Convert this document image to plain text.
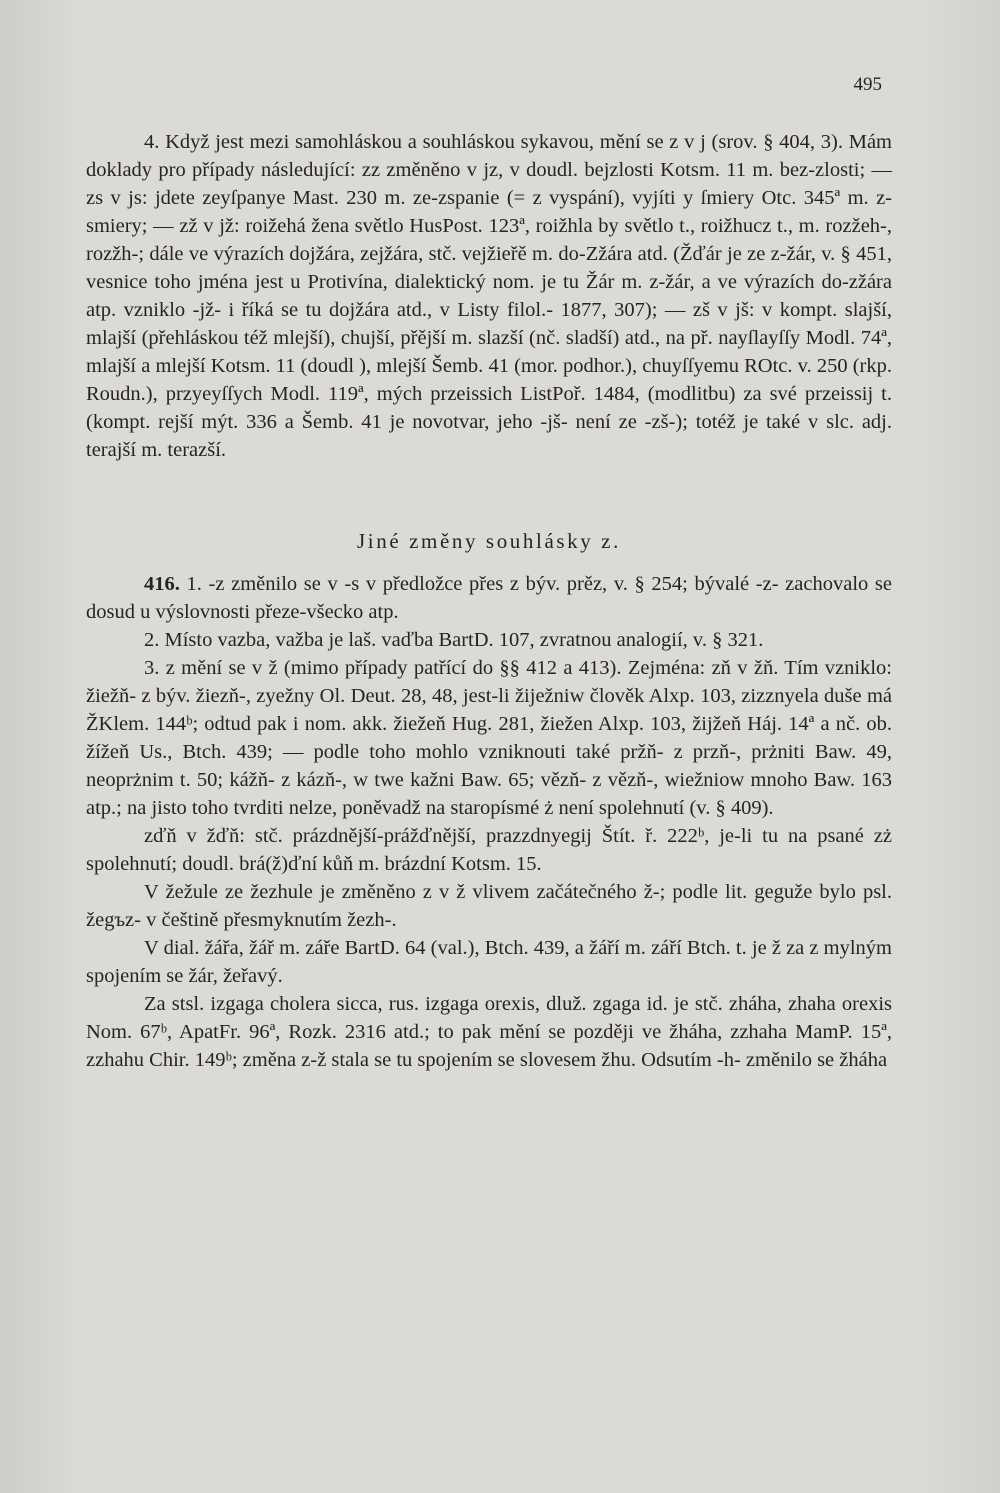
495

4. Když jest mezi samohláskou a souhláskou sykavou, mění se z v j (srov. § 404, 3). Mám doklady pro případy následující: zz změněno v jz, v doudl. bejzlosti Kotsm. 11 m. bez-zlosti; — zs v js: jdete zeyſpanye Mast. 230 m. ze-zspanie (= z vyspání), vyjíti y ſmiery Otc. 345ª m. z-smiery; — zž v jž: roižehá žena světlo HusPost. 123ª, roižhla by světlo t., roižhucz t., m. rozžeh-, rozžh-; dále ve výrazích dojžára, zejžára, stč. vejžieřě m. do-Zžára atd. (Žďár je ze z-žár, v. § 451, vesnice toho jména jest u Protivína, dialektický nom. je tu Žár m. z-žár, a ve výrazích do-zžára atp. vzniklo -jž- i říká se tu dojžára atd., v Listy filol.- 1877, 307); — zš v jš: v kompt. slajší, mlajší (přehláskou též mlejší), chujší, přější m. slazší (nč. sladší) atd., na př. nayſlayſſy Modl. 74ª, mlajší a mlejší Kotsm. 11 (doudl ), mlejší Šemb. 41 (mor. podhor.), chuyſſyemu ROtc. v. 250 (rkp. Roudn.), przyeyſſych Modl. 119ª, mých przeissich ListPoř. 1484, (modlitbu) za své przeissij t. (kompt. rejší mýt. 336 a Šemb. 41 je novotvar, jeho -jš- není ze -zš-); totéž je také v slc. adj. terajší m. terazší.

Jiné změny souhlásky z.

416. 1. -z změnilo se v -s v předložce přes z býv. prěz, v. § 254; bývalé -z- zachovalo se dosud u výslovnosti přeze-všecko atp.

2. Místo vazba, važba je laš. vaďba BartD. 107, zvratnou analogií, v. § 321.

3. z mění se v ž (mimo případy patřící do §§ 412 a 413). Zejména: zň v žň. Tím vzniklo: žiežň- z býv. žiezň-, zyežny Ol. Deut. 28, 48, jest-li žiježniw člověk Alxp. 103, zizznyela duše má ŽKlem. 144ᵇ; odtud pak i nom. akk. žiežeň Hug. 281, žiežen Alxp. 103, žijžeň Háj. 14ª a nč. ob. žížeň Us., Btch. 439; — podle toho mohlo vzniknouti také pržň- z przň-, prżniti Baw. 49, neoprżnim t. 50; kážň- z kázň-, w twe kažni Baw. 65; vězň- z vězň-, wiežniow mnoho Baw. 163 atp.; na jisto toho tvrditi nelze, poněvadž na staropísmé ż není spolehnutí (v. § 409).

zďň v žďň: stč. prázdnější-prážďnější, prazzdnyegij Štít. ř. 222ᵇ, je-li tu na psané zż spolehnutí; doudl. brá(ž)ďní kůň m. brázdní Kotsm. 15.

V žežule ze žezhule je změněno z v ž vlivem začátečného ž-; podle lit. geguže bylo psl. žegъz- v češtině přesmyknutím žezh-.

V dial. žářa, žář m. záře BartD. 64 (val.), Btch. 439, a žáří m. září Btch. t. je ž za z mylným spojením se žár, žeřavý.

Za stsl. izgaga cholera sicca, rus. izgaga orexis, dluž. zgaga id. je stč. zháha, zhaha orexis Nom. 67ᵇ, ApatFr. 96ª, Rozk. 2316 atd.; to pak mění se později ve žháha, zzhaha MamP. 15ª, zzhahu Chir. 149ᵇ; změna z-ž stala se tu spojením se slovesem žhu. Odsutím -h- změnilo se žháha
